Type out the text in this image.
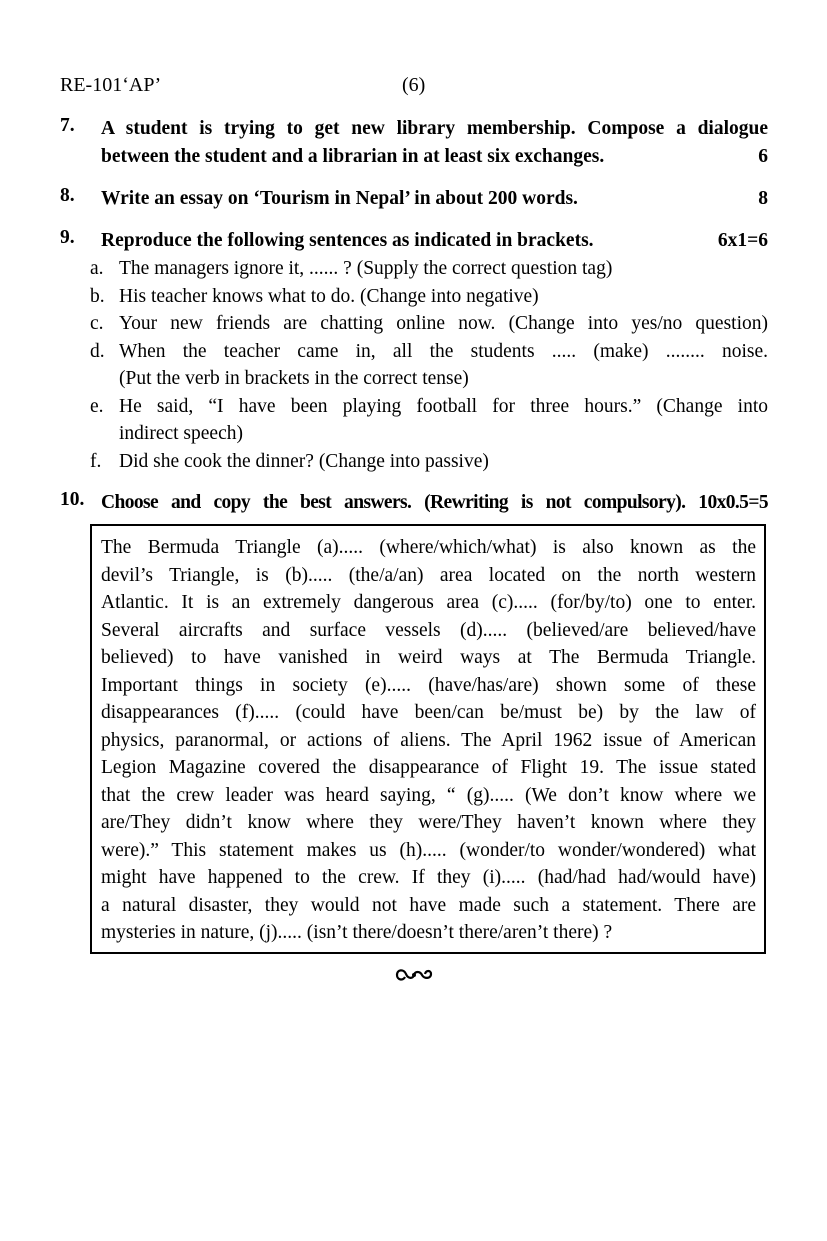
RE-101‘AP’	(6)
7. A student is trying to get new library membership. Compose a dialogue
between the student and a librarian in at least six exchanges.	6
8. Write an essay on ‘Tourism in Nepal’ in about 200 words.	8
9. Reproduce the following sentences as indicated in brackets.	6x1=6
a. The managers ignore it, ...... ? (Supply the correct question tag)
b. His teacher knows what to do. (Change into negative)
c. Your new friends are chatting online now. (Change into yes/no question)
d. When the teacher came in, all the students ..... (make) ........ noise.
(Put the verb in brackets in the correct tense)
e. He said, “I have been playing football for three hours.” (Change into
indirect speech)
f. Did she cook the dinner? (Change into passive)
10. Choose and copy the best answers. (Rewriting is not compulsory). 10x0.5=5
The Bermuda Triangle (a)..... (where/which/what) is also known as the
devil’s Triangle, is (b)..... (the/a/an) area located on the north western
Atlantic. It is an extremely dangerous area (c)..... (for/by/to) one to enter.
Several aircrafts and surface vessels (d)..... (believed/are believed/have
believed) to have vanished in weird ways at The Bermuda Triangle.
Important things in society (e)..... (have/has/are) shown some of these
disappearances (f)..... (could have been/can be/must be) by the law of
physics, paranormal, or actions of aliens. The April 1962 issue of American
Legion Magazine covered the disappearance of Flight 19. The issue stated
that the crew leader was heard saying, “ (g)..... (We don’t know where we
are/They didn’t know where they were/They haven’t known where they
were).” This statement makes us (h)..... (wonder/to wonder/wondered) what
might have happened to the crew. If they (i)..... (had/had had/would have)
a natural disaster, they would not have made such a statement. There are
mysteries in nature, (j)..... (isn’t there/doesn’t there/aren’t there) ?
